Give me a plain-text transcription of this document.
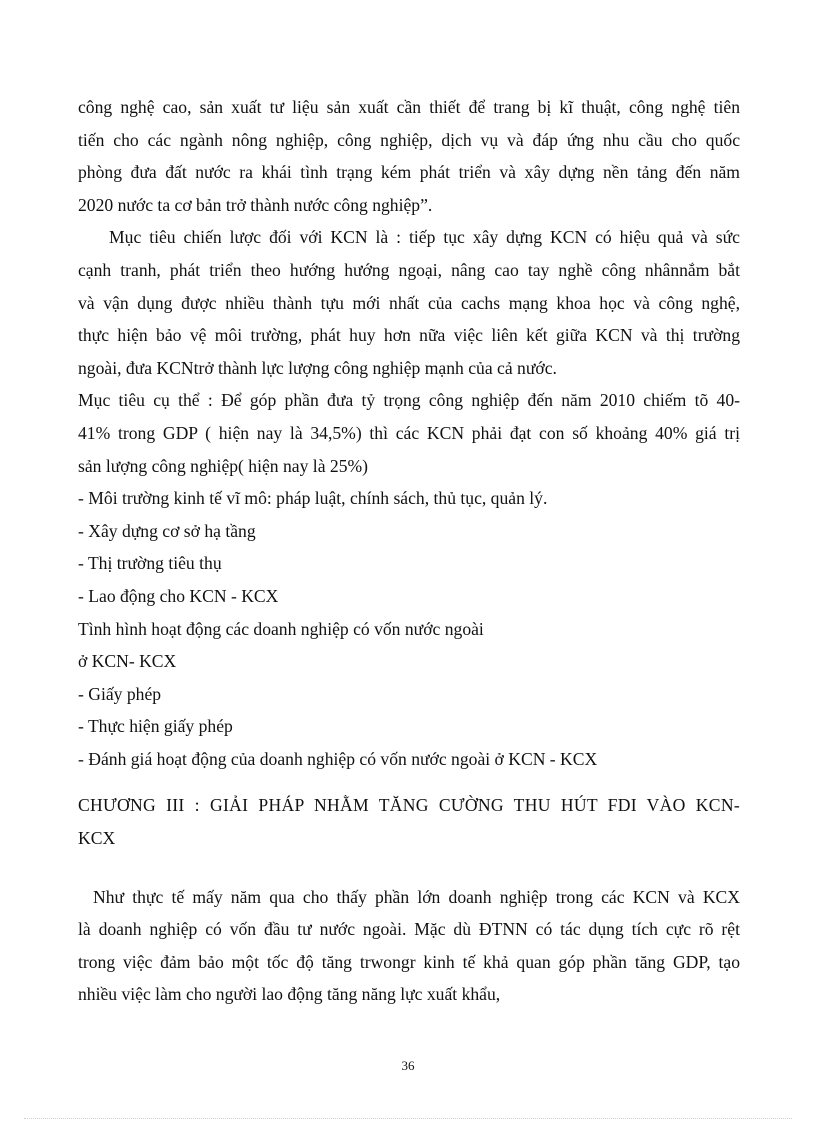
công nghệ cao, sản xuất tư liệu sản xuất cần thiết để trang bị kĩ thuật, công nghệ tiên
tiến cho các ngành nông nghiệp, công nghiệp, dịch vụ và đáp ứng nhu cầu cho quốc
phòng đưa đất nước ra khái tình trạng kém phát triển và xây dựng nền tảng đến năm
2020 nước ta cơ bản trở thành nước công nghiệp”.
Mục tiêu chiến lược đối với KCN là : tiếp tục xây dựng KCN có hiệu quả và sức
cạnh tranh, phát triển theo hướng hướng ngoại, nâng cao tay nghề công nhânnắm bắt
và vận dụng được nhiều thành tựu mới nhất của cachs mạng khoa học và công nghệ,
thực hiện bảo vệ môi trường, phát huy hơn nữa việc liên kết giữa KCN và thị trường
ngoài, đưa KCNtrở thành lực lượng công nghiệp mạnh của cả nước.
Mục tiêu cụ thể : Để góp phần đưa tỷ trọng công nghiệp đến năm 2010 chiếm tõ 40-
41% trong GDP ( hiện nay là 34,5%) thì các KCN phải đạt con số khoảng 40% giá trị
sản lượng công nghiệp( hiện nay là 25%)
- Môi trường kinh tế vĩ mô: pháp luật, chính sách, thủ tục, quản lý.
- Xây dựng cơ sở hạ tầng
- Thị trường tiêu thụ
- Lao động cho KCN - KCX
Tình hình hoạt động các doanh nghiệp có vốn nước ngoài
ở KCN- KCX
- Giấy phép
- Thực hiện giấy phép
- Đánh giá hoạt động của doanh nghiệp có vốn nước ngoài ở KCN - KCX
CHƯƠNG III : GIẢI PHÁP NHẰM TĂNG CƯỜNG THU HÚT FDI VÀO KCN-
KCX
Như thực tế mấy năm qua cho thấy phần lớn doanh nghiệp trong các KCN và KCX
là doanh nghiệp có vốn đầu tư nước ngoài. Mặc dù ĐTNN có tác dụng tích cực rõ rệt
trong việc đảm bảo một tốc độ tăng trwongr kinh tế khả quan góp phần tăng GDP, tạo
nhiều việc làm cho người lao động tăng năng lực xuất khẩu,
36
